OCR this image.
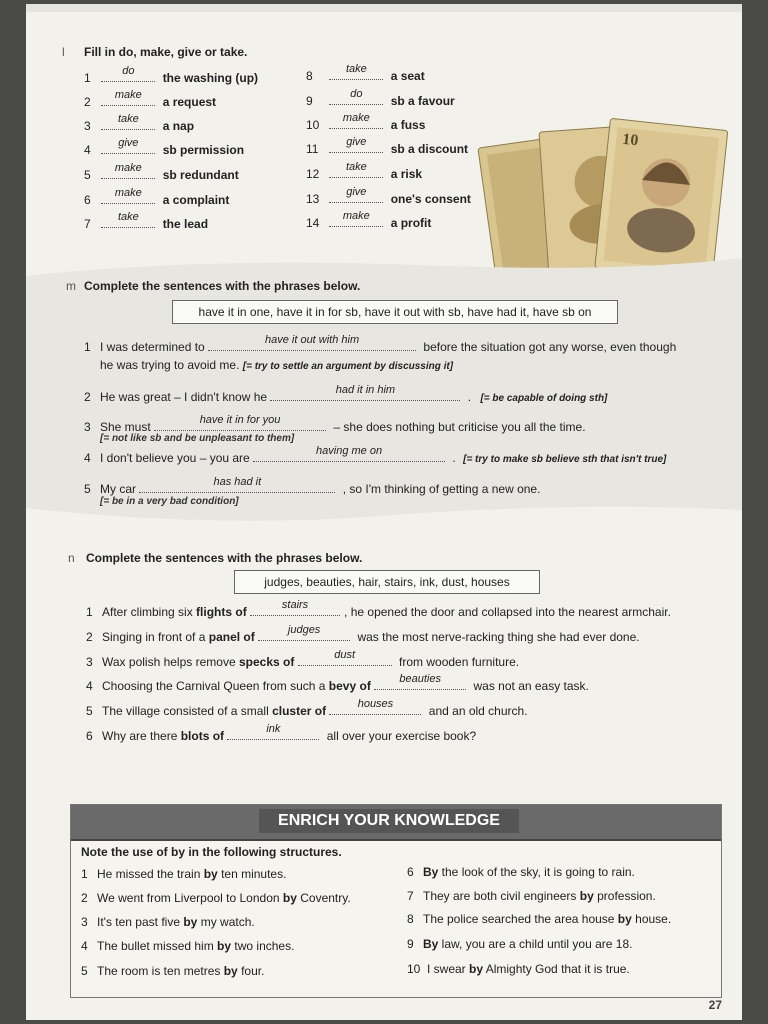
l Fill in do, make, give or take.
1	do	the washing (up)
2	make	a request
3	take	a nap
4	give	sb permission
5	make	sb redundant
6	make	a complaint
7	take	the lead
8	take	a seat
9	do	sb a favour
10	make	a fuss
11	give	sb a discount
12	take	a risk
13	give	one's consent
14	make	a profit
10
m Complete the sentences with the phrases below.
have it in one, have it in for sb, have it out with sb, have had it, have sb on
1 I was determined to	have it out with him	before the situation got any worse, even though
he was trying to avoid me. [= try to settle an argument by discussing it]
2 He was great – I didn't know he	had it in him	. [= be capable of doing sth]
3 She must	have it in for you	– she does nothing but criticise you all the time.
[= not like sb and be unpleasant to them]
4 I don't believe you – you are	having me on	. [= try to make sb believe sth that isn't true]
5 My car	has had it	, so I'm thinking of getting a new one.
[= be in a very bad condition]
n Complete the sentences with the phrases below.
judges, beauties, hair, stairs, ink, dust, houses
1 After climbing six flights of	stairs	, he opened the door and collapsed into the nearest armchair.
2 Singing in front of a panel of	judges	was the most nerve-racking thing she had ever done.
3 Wax polish helps remove specks of	dust	from wooden furniture.
4 Choosing the Carnival Queen from such a bevy of	beauties	was not an easy task.
5 The village consisted of a small cluster of	houses	and an old church.
6 Why are there blots of	ink	all over your exercise book?
ENRICH YOUR KNOWLEDGE
Note the use of by in the following structures.
1 He missed the train by ten minutes.
2 We went from Liverpool to London by Coventry.
3 It's ten past five by my watch.
4 The bullet missed him by two inches.
5 The room is ten metres by four.
6 By the look of the sky, it is going to rain.
7 They are both civil engineers by profession.
8 The police searched the area house by house.
9 By law, you are a child until you are 18.
10 I swear by Almighty God that it is true.
27
